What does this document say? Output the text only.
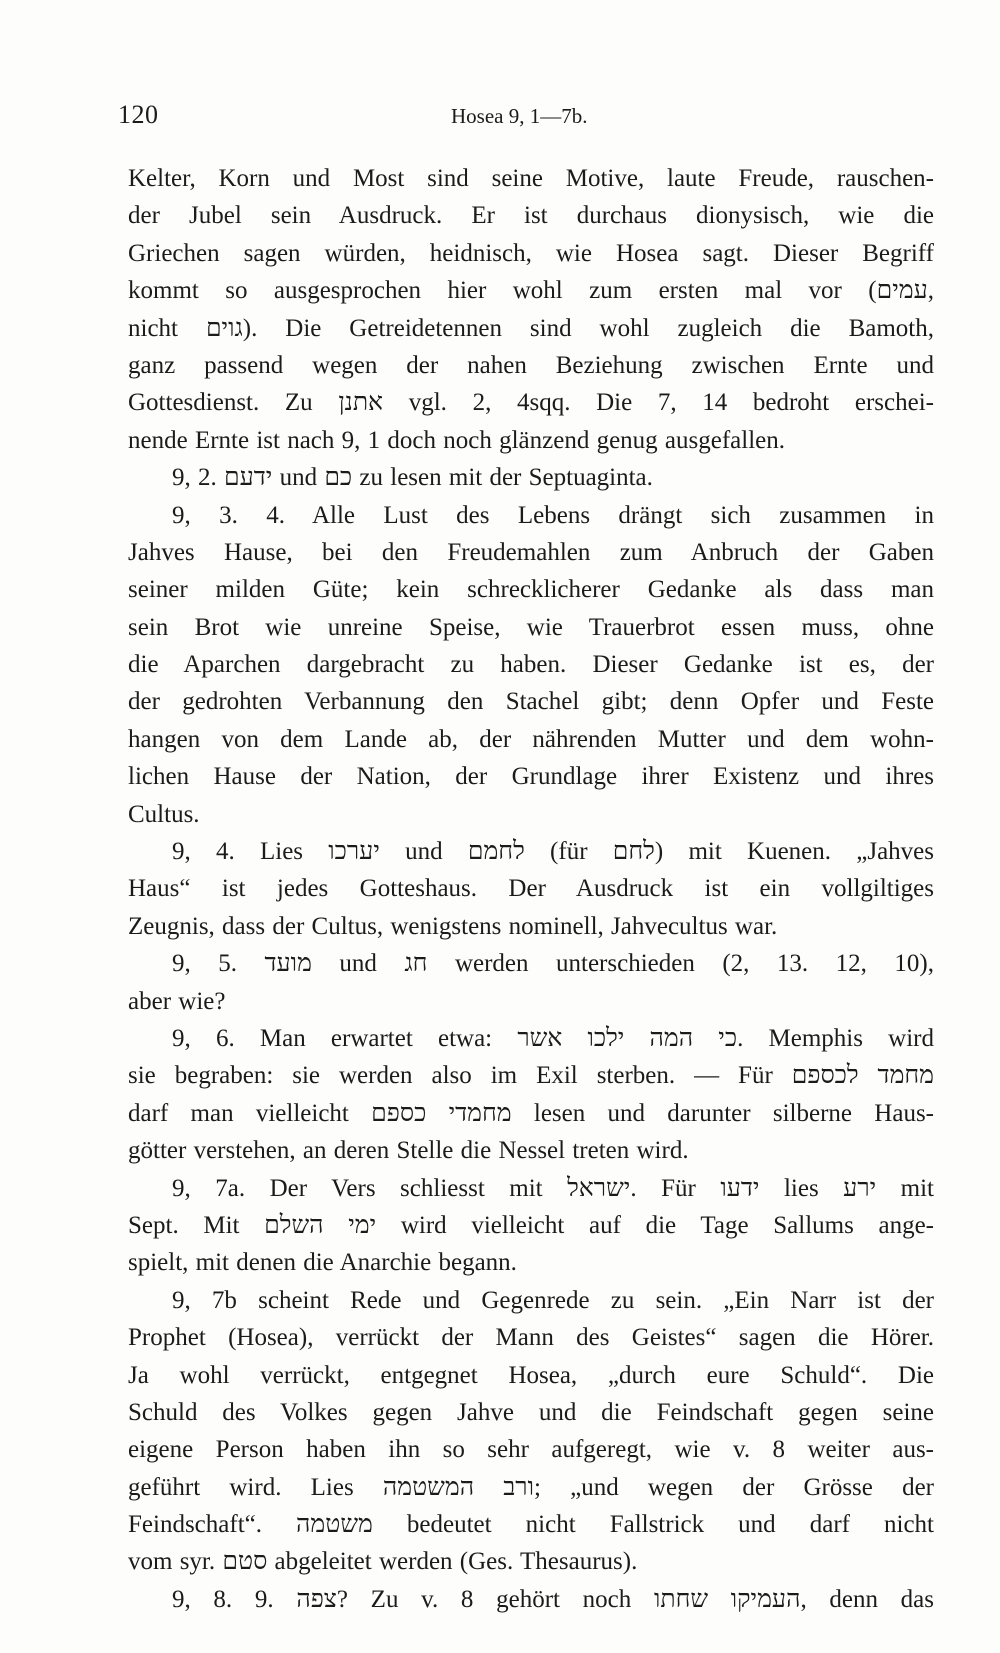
120	Hosea 9, 1—7b.
Kelter, Korn und Most sind seine Motive, laute Freude, rauschen-
der Jubel sein Ausdruck. Er ist durchaus dionysisch, wie die
Griechen sagen würden, heidnisch, wie Hosea sagt. Dieser Begriff
kommt so ausgesprochen hier wohl zum ersten mal vor (עמים,
nicht גוים). Die Getreidetennen sind wohl zugleich die Bamoth,
ganz passend wegen der nahen Beziehung zwischen Ernte und
Gottesdienst. Zu אתנן vgl. 2, 4sqq. Die 7, 14 bedroht erschei-
nende Ernte ist nach 9, 1 doch noch glänzend genug ausgefallen.
9, 2. ידעם und כם zu lesen mit der Septuaginta.
9, 3. 4. Alle Lust des Lebens drängt sich zusammen in
Jahves Hause, bei den Freudemahlen zum Anbruch der Gaben
seiner milden Güte; kein schrecklicherer Gedanke als dass man
sein Brot wie unreine Speise, wie Trauerbrot essen muss, ohne
die Aparchen dargebracht zu haben. Dieser Gedanke ist es, der
der gedrohten Verbannung den Stachel gibt; denn Opfer und Feste
hangen von dem Lande ab, der nährenden Mutter und dem wohn-
lichen Hause der Nation, der Grundlage ihrer Existenz und ihres
Cultus.
9, 4. Lies יערכו und לחמם (für לחם) mit Kuenen. „Jahves
Haus“ ist jedes Gotteshaus. Der Ausdruck ist ein vollgiltiges
Zeugnis, dass der Cultus, wenigstens nominell, Jahvecultus war.
9, 5. מועד und חג werden unterschieden (2, 13. 12, 10),
aber wie?
9, 6. Man erwartet etwa: כי המה ילכו אשר. Memphis wird
sie begraben: sie werden also im Exil sterben. — Für מחמד לכספם
darf man vielleicht מחמדי כספם lesen und darunter silberne Haus-
götter verstehen, an deren Stelle die Nessel treten wird.
9, 7a. Der Vers schliesst mit ישראל. Für ידעו lies ירע mit
Sept. Mit ימי השלם wird vielleicht auf die Tage Sallums ange-
spielt, mit denen die Anarchie begann.
9, 7b scheint Rede und Gegenrede zu sein. „Ein Narr ist der
Prophet (Hosea), verrückt der Mann des Geistes“ sagen die Hörer.
Ja wohl verrückt, entgegnet Hosea, „durch eure Schuld“. Die
Schuld des Volkes gegen Jahve und die Feindschaft gegen seine
eigene Person haben ihn so sehr aufgeregt, wie v. 8 weiter aus-
geführt wird. Lies ורב המשטמה; „und wegen der Grösse der
Feindschaft“. משטמה bedeutet nicht Fallstrick und darf nicht
vom syr. סטם abgeleitet werden (Ges. Thesaurus).
9, 8. 9. צפה? Zu v. 8 gehört noch העמיקו שחתו, denn das
